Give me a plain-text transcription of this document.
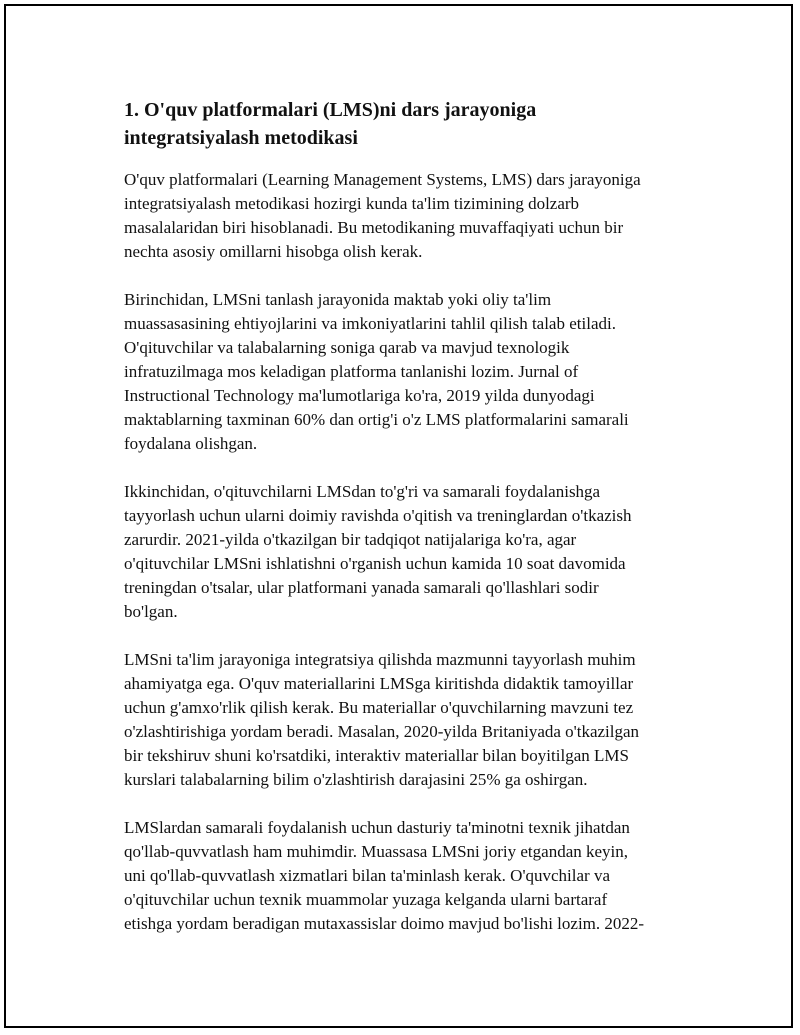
1. O'quv platformalari (LMS)ni dars jarayoniga
integratsiyalash metodikasi

O'quv platformalari (Learning Management Systems, LMS) dars jarayoniga
integratsiyalash metodikasi hozirgi kunda ta'lim tizimining dolzarb
masalalaridan biri hisoblanadi. Bu metodikaning muvaffaqiyati uchun bir
nechta asosiy omillarni hisobga olish kerak.

Birinchidan, LMSni tanlash jarayonida maktab yoki oliy ta'lim
muassasasining ehtiyojlarini va imkoniyatlarini tahlil qilish talab etiladi.
O'qituvchilar va talabalarning soniga qarab va mavjud texnologik
infratuzilmaga mos keladigan platforma tanlanishi lozim. Jurnal of
Instructional Technology ma'lumotlariga ko'ra, 2019 yilda dunyodagi
maktablarning taxminan 60% dan ortig'i o'z LMS platformalarini samarali
foydalana olishgan.

Ikkinchidan, o'qituvchilarni LMSdan to'g'ri va samarali foydalanishga
tayyorlash uchun ularni doimiy ravishda o'qitish va treninglardan o'tkazish
zarurdir. 2021-yilda o'tkazilgan bir tadqiqot natijalariga ko'ra, agar
o'qituvchilar LMSni ishlatishni o'rganish uchun kamida 10 soat davomida
treningdan o'tsalar, ular platformani yanada samarali qo'llashlari sodir
bo'lgan.

LMSni ta'lim jarayoniga integratsiya qilishda mazmunni tayyorlash muhim
ahamiyatga ega. O'quv materiallarini LMSga kiritishda didaktik tamoyillar
uchun g'amxo'rlik qilish kerak. Bu materiallar o'quvchilarning mavzuni tez
o'zlashtirishiga yordam beradi. Masalan, 2020-yilda Britaniyada o'tkazilgan
bir tekshiruv shuni ko'rsatdiki, interaktiv materiallar bilan boyitilgan LMS
kurslari talabalarning bilim o'zlashtirish darajasini 25% ga oshirgan.

LMSlardan samarali foydalanish uchun dasturiy ta'minotni texnik jihatdan
qo'llab-quvvatlash ham muhimdir. Muassasa LMSni joriy etgandan keyin,
uni qo'llab-quvvatlash xizmatlari bilan ta'minlash kerak. O'quvchilar va
o'qituvchilar uchun texnik muammolar yuzaga kelganda ularni bartaraf
etishga yordam beradigan mutaxassislar doimo mavjud bo'lishi lozim. 2022-
